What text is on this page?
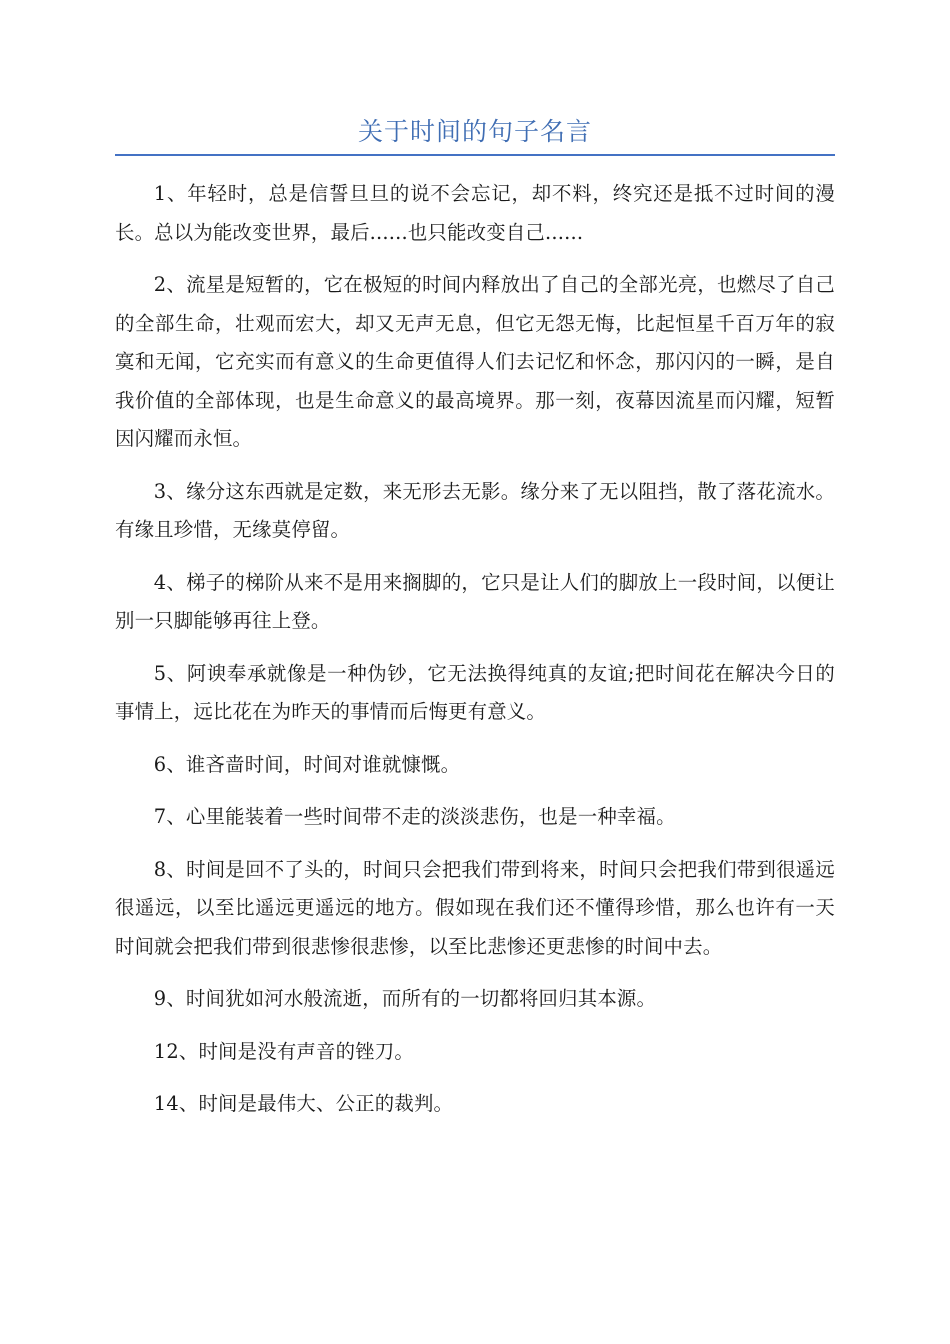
关于时间的句子名言

1、年轻时，总是信誓旦旦的说不会忘记，却不料，终究还是抵不过时间的漫长。总以为能改变世界，最后......也只能改变自己......

2、流星是短暂的，它在极短的时间内释放出了自己的全部光亮，也燃尽了自己的全部生命，壮观而宏大，却又无声无息，但它无怨无悔，比起恒星千百万年的寂寞和无闻，它充实而有意义的生命更值得人们去记忆和怀念，那闪闪的一瞬，是自我价值的全部体现，也是生命意义的最高境界。那一刻，夜幕因流星而闪耀，短暂因闪耀而永恒。

3、缘分这东西就是定数，来无形去无影。缘分来了无以阻挡，散了落花流水。有缘且珍惜，无缘莫停留。

4、梯子的梯阶从来不是用来搁脚的，它只是让人们的脚放上一段时间，以便让别一只脚能够再往上登。

5、阿谀奉承就像是一种伪钞，它无法换得纯真的友谊;把时间花在解决今日的事情上，远比花在为昨天的事情而后悔更有意义。

6、谁吝啬时间，时间对谁就慷慨。

7、心里能装着一些时间带不走的淡淡悲伤，也是一种幸福。

8、时间是回不了头的，时间只会把我们带到将来，时间只会把我们带到很遥远很遥远，以至比遥远更遥远的地方。假如现在我们还不懂得珍惜，那么也许有一天时间就会把我们带到很悲惨很悲惨，以至比悲惨还更悲惨的时间中去。

9、时间犹如河水般流逝，而所有的一切都将回归其本源。

12、时间是没有声音的锉刀。

14、时间是最伟大、公正的裁判。
